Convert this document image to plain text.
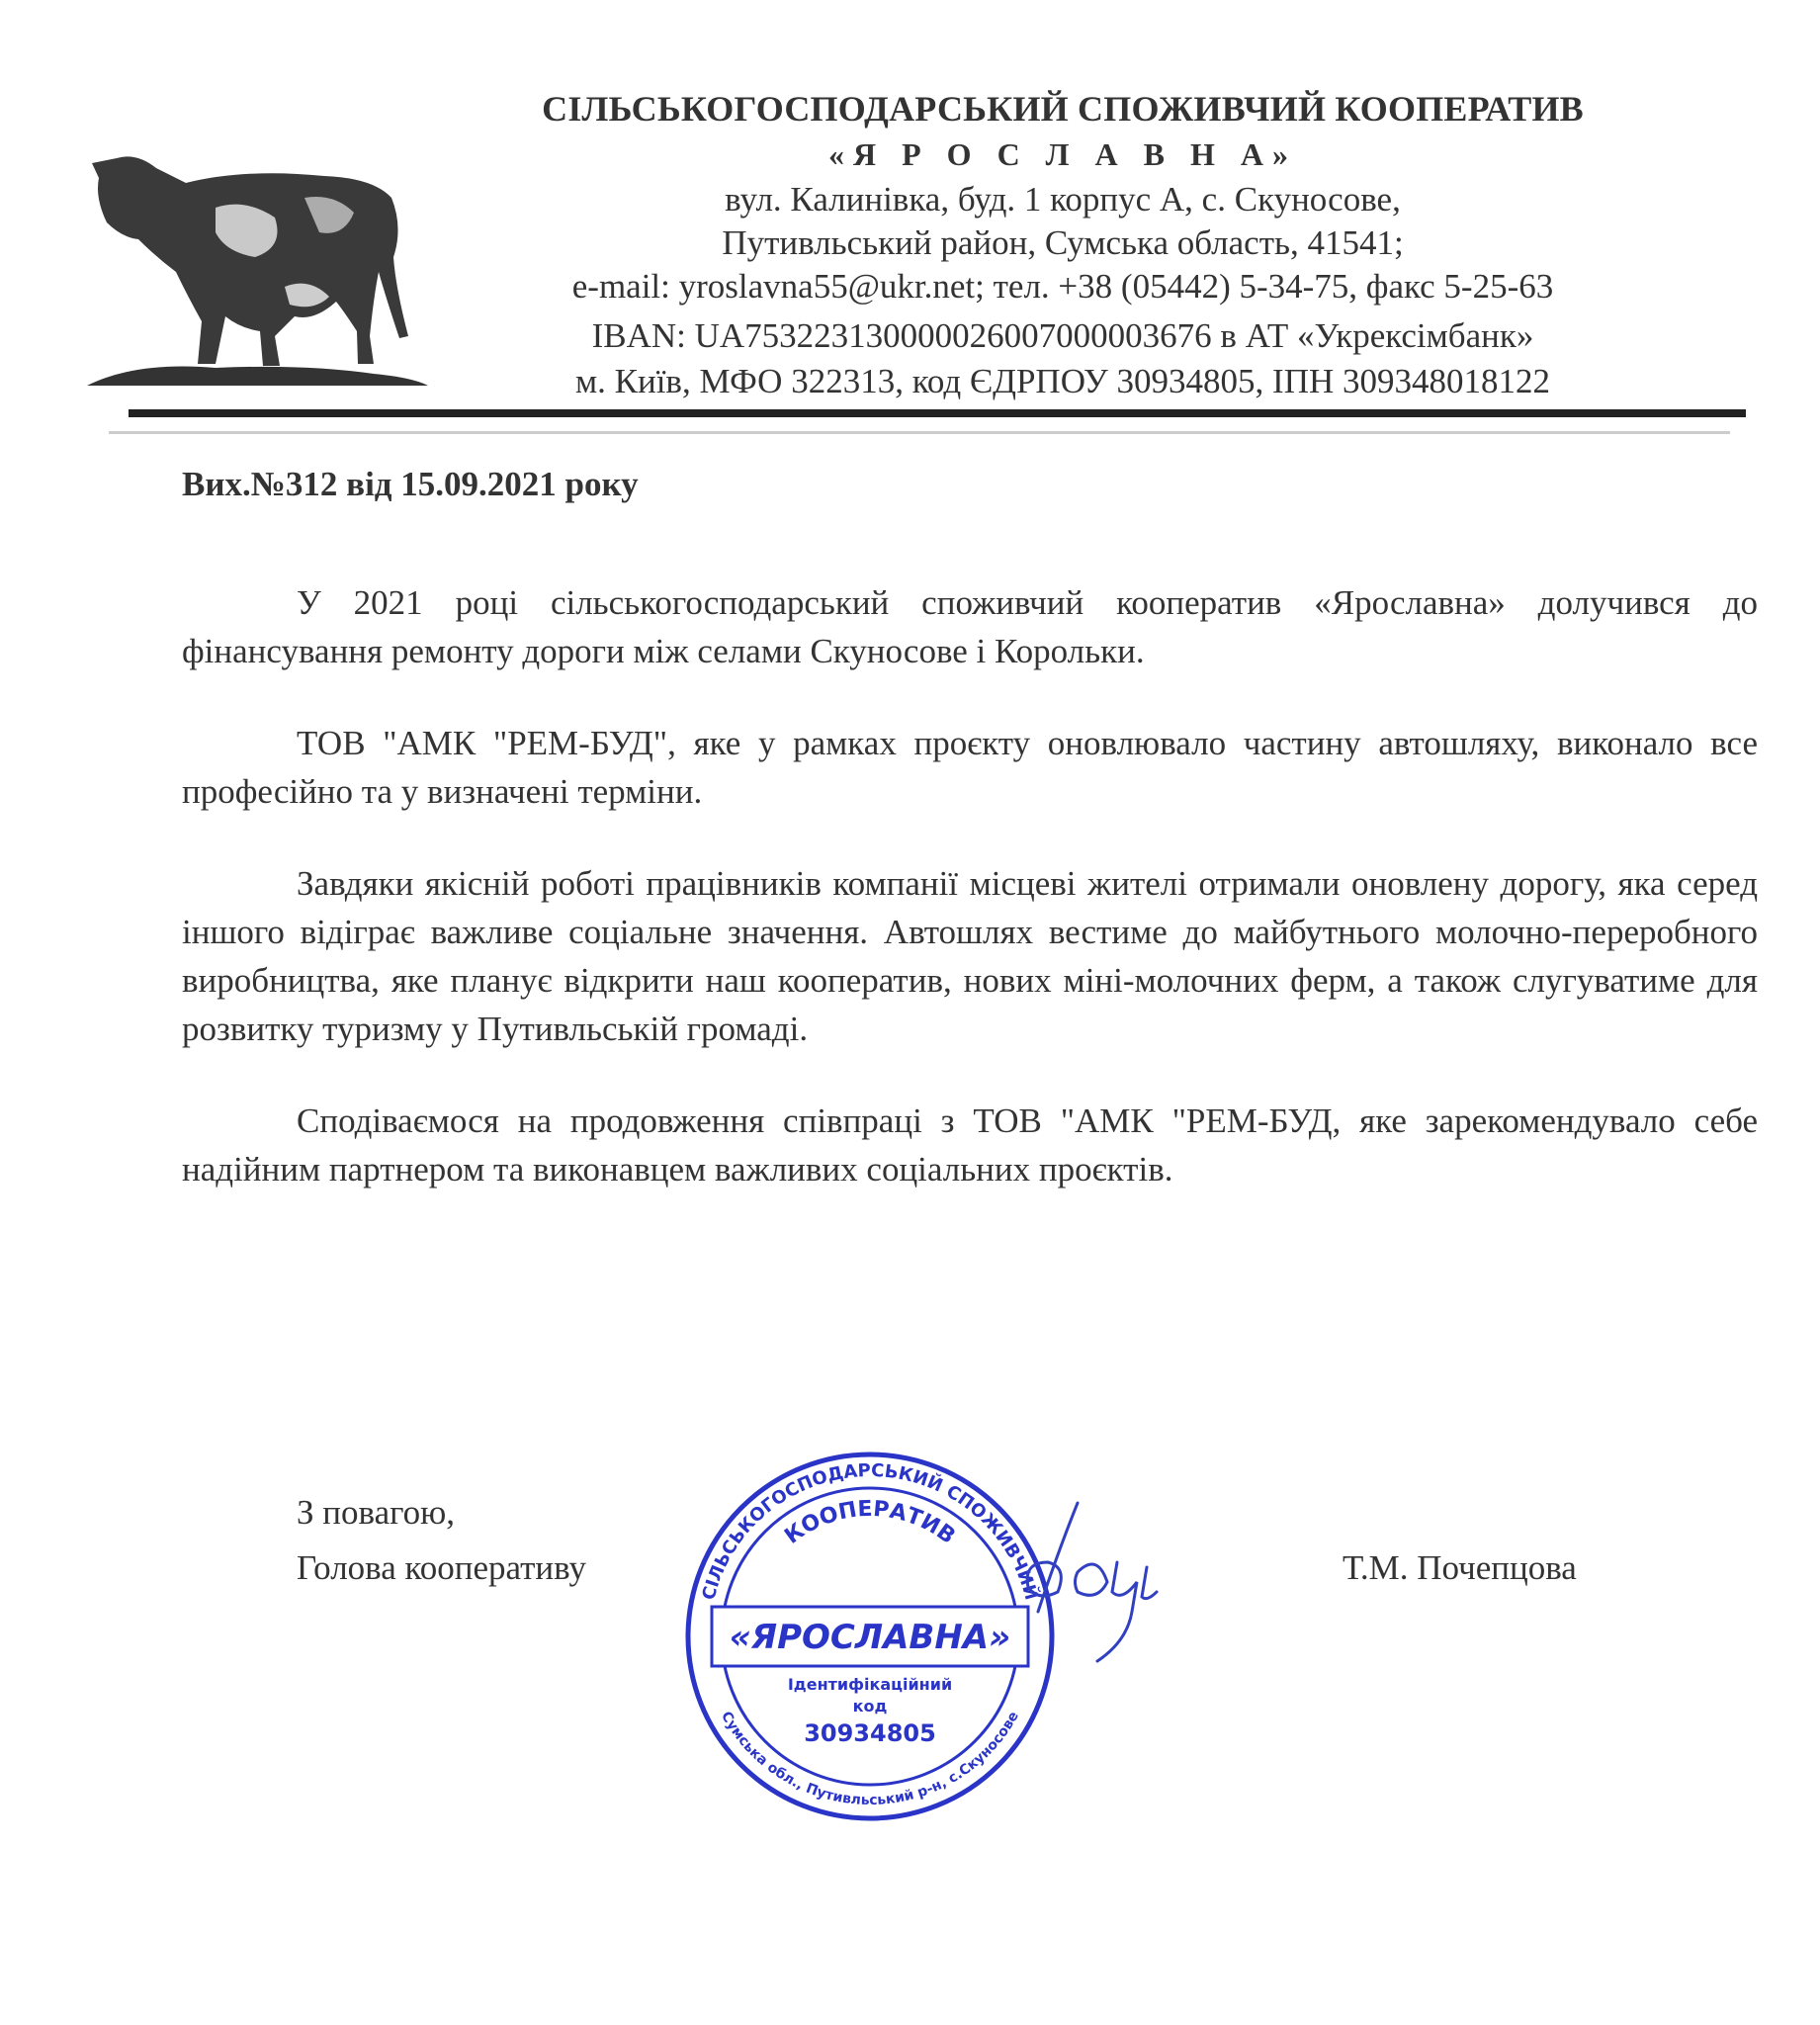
СІЛЬСЬКОГОСПОДАРСЬКИЙ СПОЖИВЧИЙ КООПЕРАТИВ
«Я Р О С Л А В Н А»
вул. Калинівка, буд. 1 корпус А, с. Скуносове,
Путивльський район, Сумська область, 41541;
e-mail: yroslavna55@ukr.net; тел. +38 (05442) 5-34-75, факс 5-25-63
IBAN: UA753223130000026007000003676 в АТ «Укрексімбанк»
м. Київ, МФО 322313, код ЄДРПОУ 30934805, ІПН 309348018122
Вих.№312 від 15.09.2021 року

У 2021 році сільськогосподарський споживчий кооператив «Ярославна» долучився до фінансування ремонту дороги між селами Скуносове і Корольки.

ТОВ "АМК "РЕМ-БУД", яке у рамках проєкту оновлювало частину автошляху, виконало все професійно та у визначені терміни.

Завдяки якісній роботі працівників компанії місцеві жителі отримали оновлену дорогу, яка серед іншого відіграє важливе соціальне значення. Автошлях вестиме до майбутнього молочно-переробного виробництва, яке планує відкрити наш кооператив, нових міні-молочних ферм, а також слугуватиме для розвитку туризму у Путивльській громаді.

Сподіваємося на продовження співпраці з ТОВ "АМК "РЕМ-БУД, яке зарекомендувало себе надійним партнером та виконавцем важливих соціальних проєктів.

З повагою,
Голова кооперативу	Т.М. Почепцова
СІЛЬСЬКОГОСПОДАРСЬКИЙ СПОЖИВЧИЙ
КООПЕРАТИВ
«ЯРОСЛАВНА»
Ідентифікаційний
код
30934805
Сумська обл., Путивльський р-н, с.Скуносове
